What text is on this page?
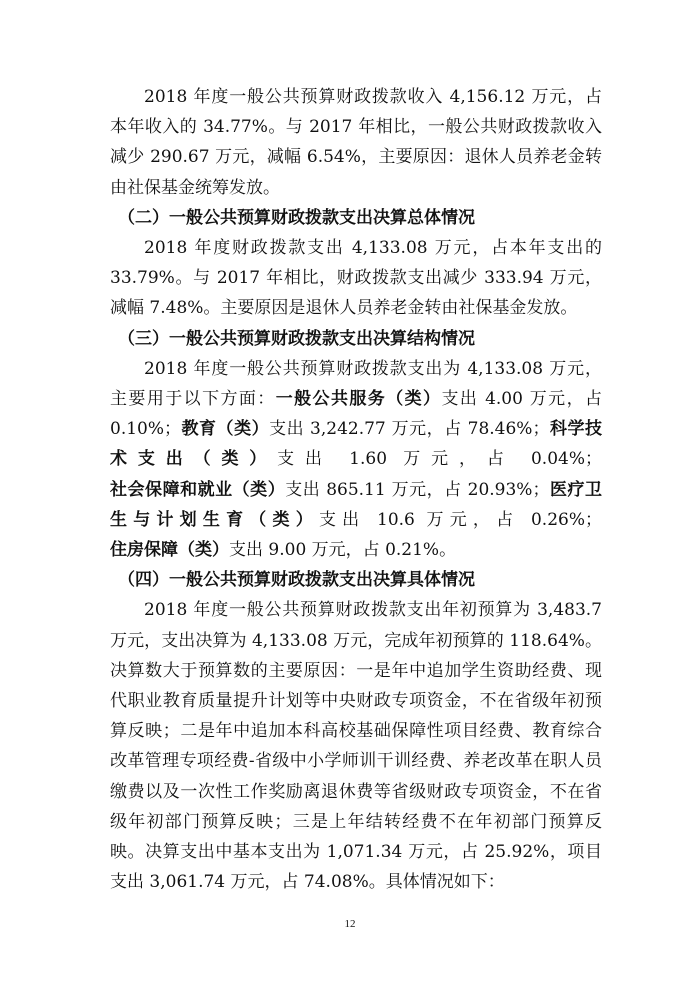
2018 年度一般公共预算财政拨款收入 4,156.12 万元，占本年收入的 34.77%。与 2017 年相比，一般公共财政拨款收入减少 290.67 万元，减幅 6.54%，主要原因：退休人员养老金转由社保基金统筹发放。

（二）一般公共预算财政拨款支出决算总体情况

2018 年度财政拨款支出 4,133.08 万元，占本年支出的 33.79%。与 2017 年相比，财政拨款支出减少 333.94 万元，减幅 7.48%。主要原因是退休人员养老金转由社保基金发放。

（三）一般公共预算财政拨款支出决算结构情况

2018 年度一般公共预算财政拨款支出为 4,133.08 万元，主要用于以下方面：一般公共服务（类）支出 4.00 万元，占 0.10%；教育（类）支出 3,242.77 万元，占 78.46%；科学技术支出（类）支出 1.60 万元，占 0.04%；社会保障和就业（类）支出 865.11 万元，占 20.93%；医疗卫生与计划生育（类）支出 10.6 万元，占 0.26%；住房保障（类）支出 9.00 万元，占 0.21%。

（四）一般公共预算财政拨款支出决算具体情况

2018 年度一般公共预算财政拨款支出年初预算为 3,483.7 万元，支出决算为 4,133.08 万元，完成年初预算的 118.64%。决算数大于预算数的主要原因：一是年中追加学生资助经费、现代职业教育质量提升计划等中央财政专项资金，不在省级年初预算反映；二是年中追加本科高校基础保障性项目经费、教育综合改革管理专项经费-省级中小学师训干训经费、养老改革在职人员缴费以及一次性工作奖励离退休费等省级财政专项资金，不在省级年初部门预算反映；三是上年结转经费不在年初部门预算反映。决算支出中基本支出为 1,071.34 万元，占 25.92%，项目支出 3,061.74 万元，占 74.08%。具体情况如下：

12
